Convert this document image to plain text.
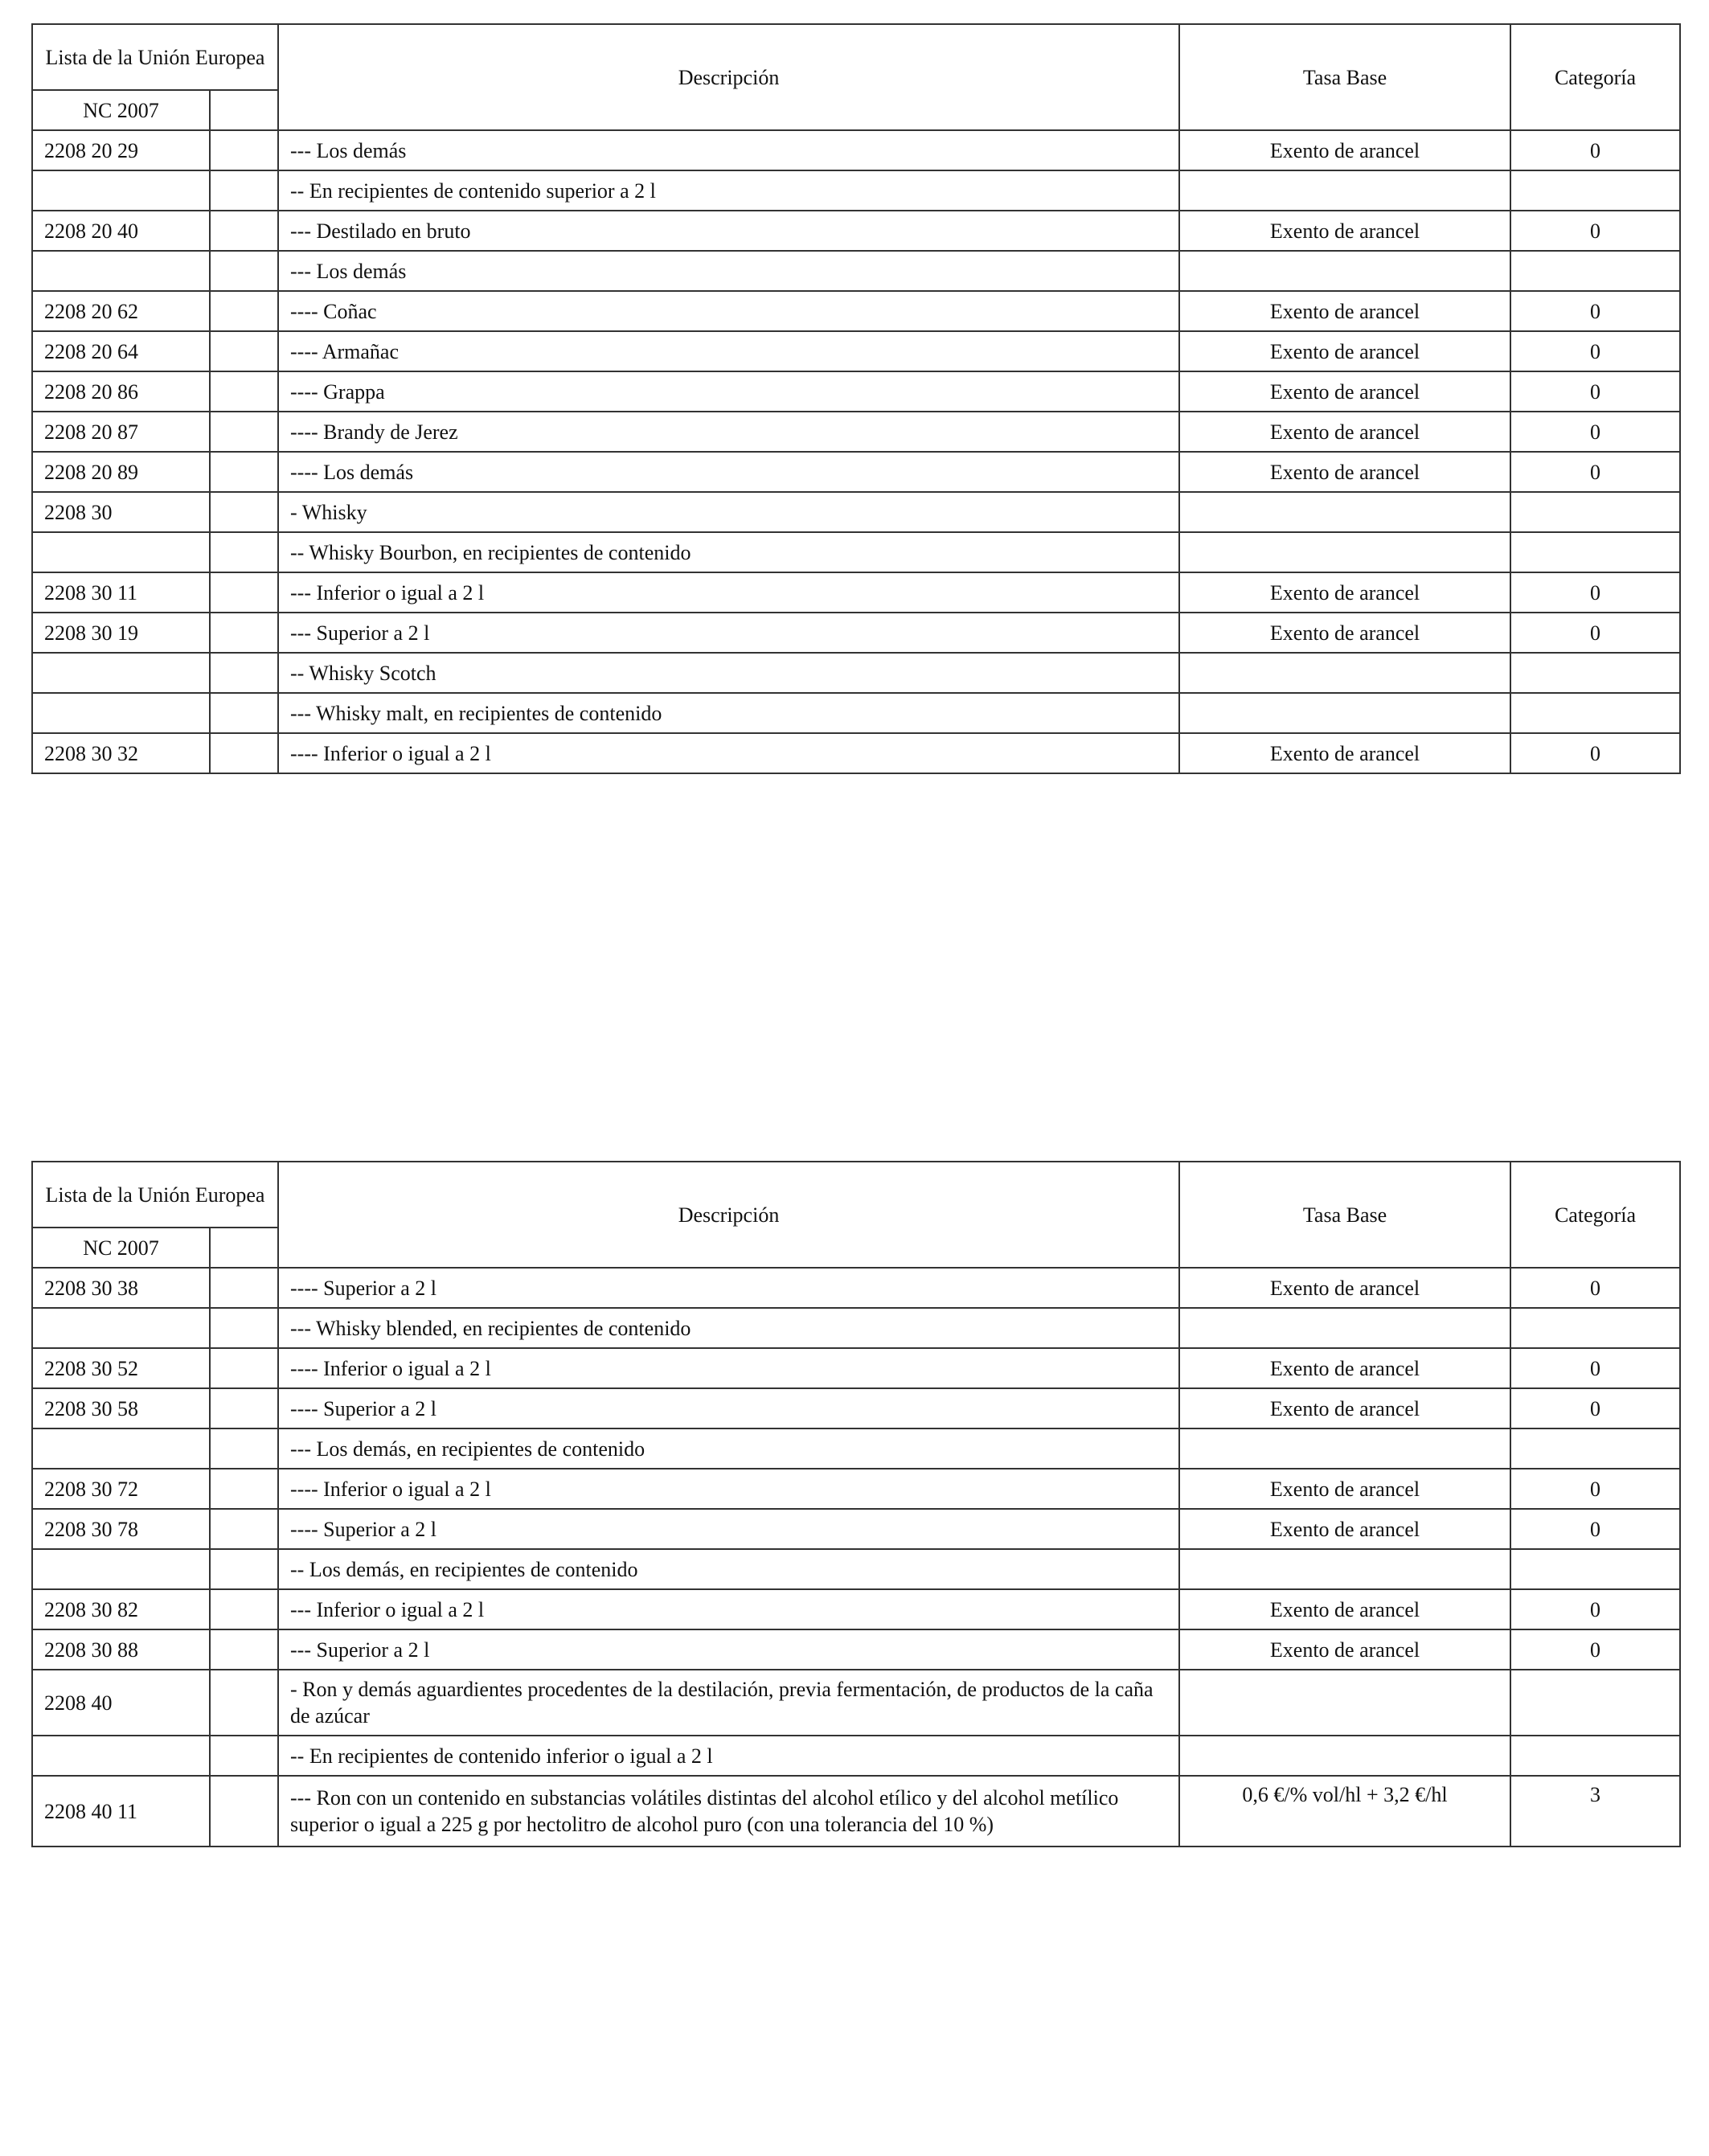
Lista de la Unión Europea		Descripción	Tasa Base	Categoría
NC 2007				
2208 20 29		--- Los demás	Exento de arancel	0
		-- En recipientes de contenido superior a 2 l		
2208 20 40		--- Destilado en bruto	Exento de arancel	0
		--- Los demás		
2208 20 62		---- Coñac	Exento de arancel	0
2208 20 64		---- Armañac	Exento de arancel	0
2208 20 86		---- Grappa	Exento de arancel	0
2208 20 87		---- Brandy de Jerez	Exento de arancel	0
2208 20 89		---- Los demás	Exento de arancel	0
2208 30		- Whisky		
		-- Whisky Bourbon, en recipientes de contenido		
2208 30 11		--- Inferior o igual a 2 l	Exento de arancel	0
2208 30 19		--- Superior a 2 l	Exento de arancel	0
		-- Whisky Scotch		
		--- Whisky malt, en recipientes de contenido		
2208 30 32		---- Inferior o igual a 2 l	Exento de arancel	0
Lista de la Unión Europea		Descripción	Tasa Base	Categoría
NC 2007				
2208 30 38		---- Superior a 2 l	Exento de arancel	0
		--- Whisky blended, en recipientes de contenido		
2208 30 52		---- Inferior o igual a 2 l	Exento de arancel	0
2208 30 58		---- Superior a 2 l	Exento de arancel	0
		--- Los demás, en recipientes de contenido		
2208 30 72		---- Inferior o igual a 2 l	Exento de arancel	0
2208 30 78		---- Superior a 2 l	Exento de arancel	0
		-- Los demás, en recipientes de contenido		
2208 30 82		--- Inferior o igual a 2 l	Exento de arancel	0
2208 30 88		--- Superior a 2 l	Exento de arancel	0
2208 40		- Ron y demás aguardientes procedentes de la destilación, previa fermentación, de productos de la caña de azúcar		
		-- En recipientes de contenido inferior o igual a 2 l		
2208 40 11		--- Ron con un contenido en substancias volátiles distintas del alcohol etílico y del alcohol metílico superior o igual a 225 g por hectolitro de alcohol puro (con una tolerancia del 10 %)	0,6 €/% vol/hl + 3,2 €/hl	3
